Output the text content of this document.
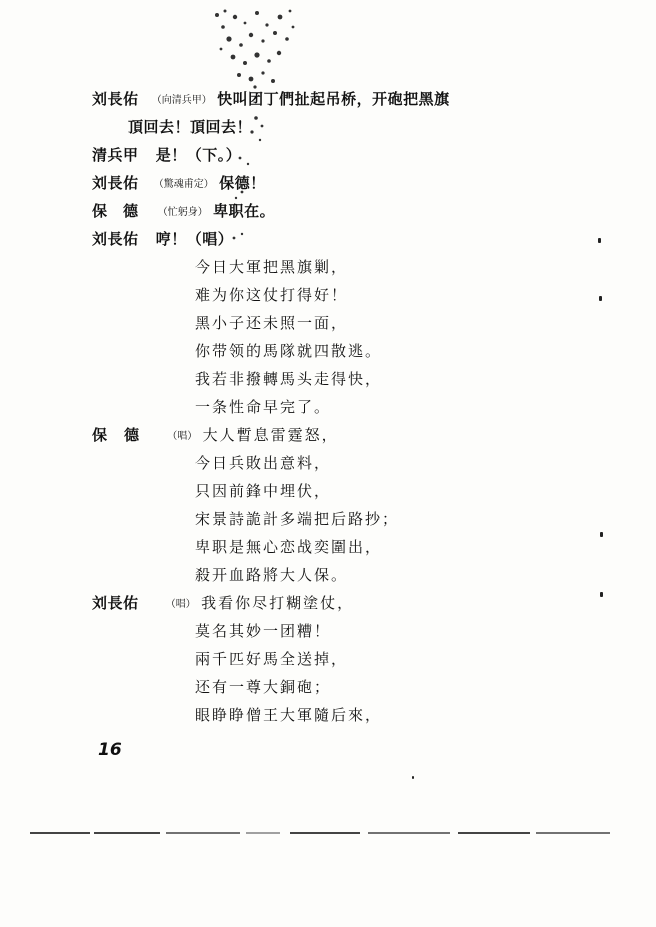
刘長佑 （向清兵甲） 快叫团丁們扯起吊桥，开砲把黑旗
頂回去！頂回去！
清兵甲 是！（下。）
刘長佑 （驚魂甫定） 保德！
保　德 （忙躬身） 卑职在。
刘長佑 哼！（唱）
今日大軍把黑旗剿，
难为你这仗打得好！
黑小子还未照一面，
你带领的馬隊就四散逃。
我若非撥轉馬头走得快，
一条性命早完了。
保　德	（唱） 大人暫息雷霆怒，
今日兵敗出意料，
只因前鋒中埋伏，
宋景詩詭計多端把后路抄；
卑职是無心恋战奕圍出，
殺开血路將大人保。
刘長佑	（唱） 我看你尽打糊塗仗，
莫名其妙一团糟！
兩千匹好馬全送掉，
还有一尊大銅砲；
眼睁睁僧王大軍隨后來，
16
